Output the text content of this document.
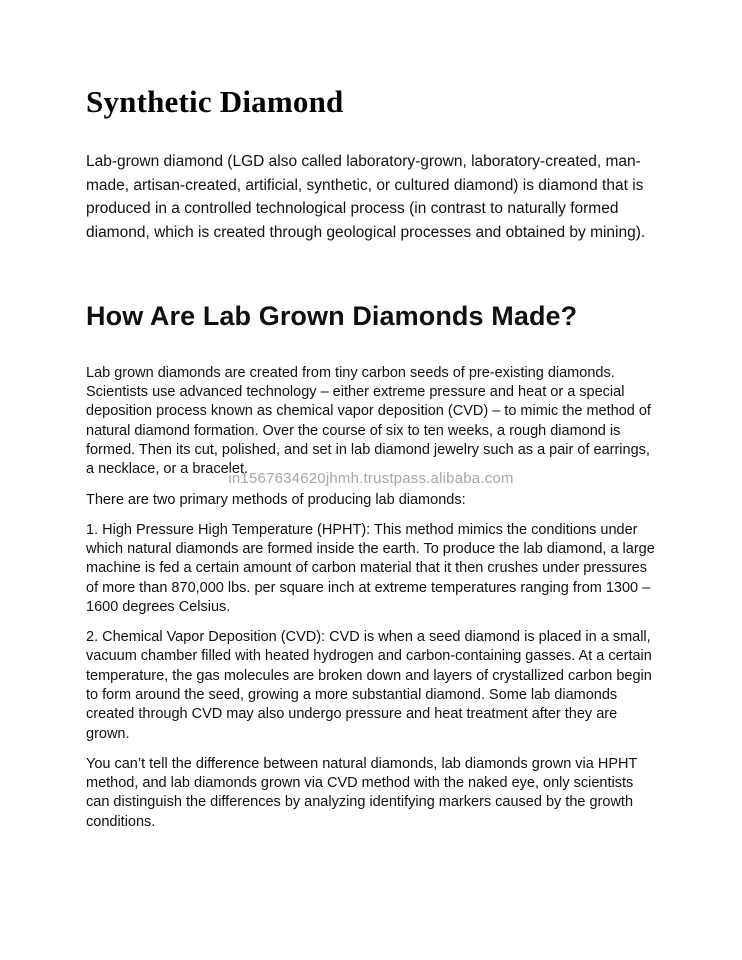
in1567634620jhmh.trustpass.alibaba.com
Synthetic Diamond

Lab-grown diamond (LGD also called laboratory-grown, laboratory-created, man-made, artisan-created, artificial, synthetic, or cultured diamond) is diamond that is produced in a controlled technological process (in contrast to naturally formed diamond, which is created through geological processes and obtained by mining).

How Are Lab Grown Diamonds Made?

Lab grown diamonds are created from tiny carbon seeds of pre-existing diamonds. Scientists use advanced technology – either extreme pressure and heat or a special deposition process known as chemical vapor deposition (CVD) – to mimic the method of natural diamond formation. Over the course of six to ten weeks, a rough diamond is formed. Then its cut, polished, and set in lab diamond jewelry such as a pair of earrings, a necklace, or a bracelet.

There are two primary methods of producing lab diamonds:

1. High Pressure High Temperature (HPHT): This method mimics the conditions under which natural diamonds are formed inside the earth. To produce the lab diamond, a large machine is fed a certain amount of carbon material that it then crushes under pressures of more than 870,000 lbs. per square inch at extreme temperatures ranging from 1300 – 1600 degrees Celsius.

2. Chemical Vapor Deposition (CVD): CVD is when a seed diamond is placed in a small, vacuum chamber filled with heated hydrogen and carbon-containing gasses. At a certain temperature, the gas molecules are broken down and layers of crystallized carbon begin to form around the seed, growing a more substantial diamond. Some lab diamonds created through CVD may also undergo pressure and heat treatment after they are grown.

You can’t tell the difference between natural diamonds, lab diamonds grown via HPHT method, and lab diamonds grown via CVD method with the naked eye, only scientists can distinguish the differences by analyzing identifying markers caused by the growth conditions.
